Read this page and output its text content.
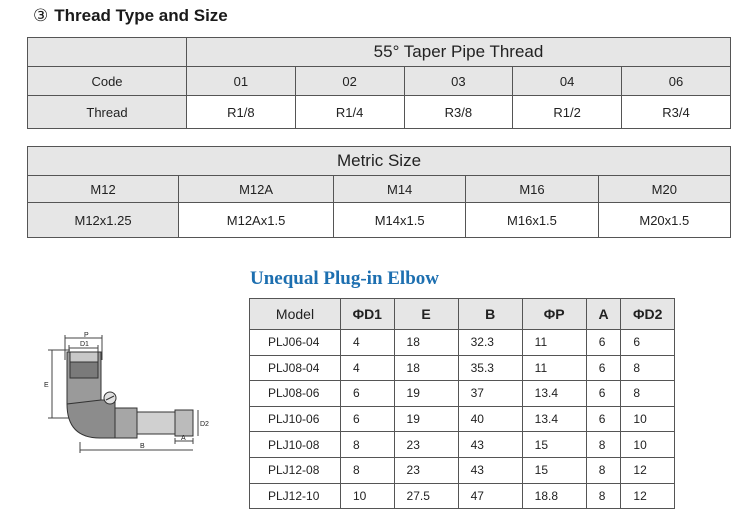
③ Thread Type and Size
	55° Taper Pipe Thread				
Code	01	02	03	04	06
Thread	R1/8	R1/4	R3/8	R1/2	R3/4
Metric Size				
M12	M12A	M14	M16	M20
M12x1.25	M12Ax1.5	M14x1.5	M16x1.5	M20x1.5
Unequal Plug-in Elbow
P
D1
E
D2
A
B
Model	ΦD1	E	B	ΦP	A	ΦD2
PLJ06-04	4	18	32.3	11	6	6
PLJ08-04	4	18	35.3	11	6	8
PLJ08-06	6	19	37	13.4	6	8
PLJ10-06	6	19	40	13.4	6	10
PLJ10-08	8	23	43	15	8	10
PLJ12-08	8	23	43	15	8	12
PLJ12-10	10	27.5	47	18.8	8	12
